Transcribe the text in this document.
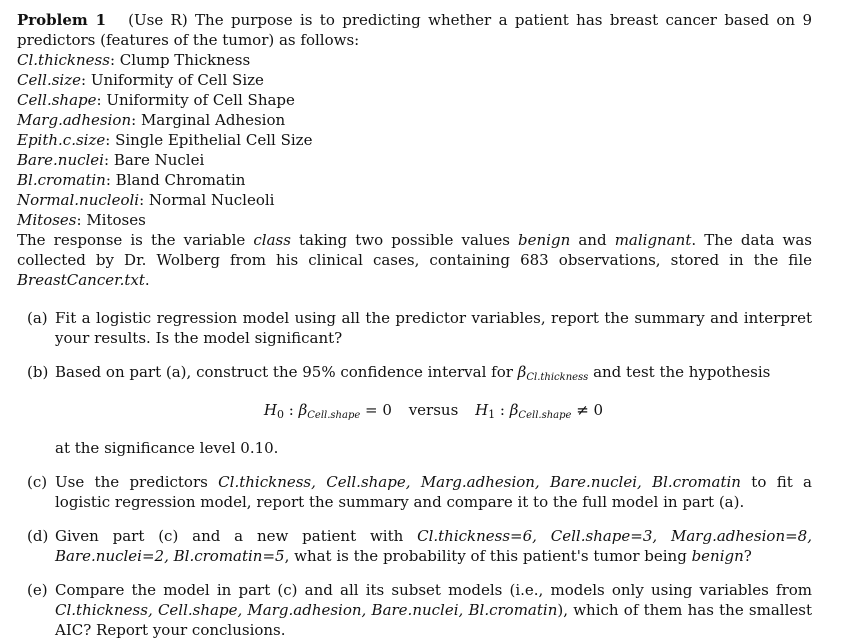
Problem 1 (Use R) The purpose is to predicting whether a patient has breast cancer based on 9 predictors (features of the tumor) as follows:
Cl.thickness: Clump Thickness
Cell.size: Uniformity of Cell Size
Cell.shape: Uniformity of Cell Shape
Marg.adhesion: Marginal Adhesion
Epith.c.size: Single Epithelial Cell Size
Bare.nuclei: Bare Nuclei
Bl.cromatin: Bland Chromatin
Normal.nucleoli: Normal Nucleoli
Mitoses: Mitoses
The response is the variable class taking two possible values benign and malignant. The data was collected by Dr. Wolberg from his clinical cases, containing 683 observations, stored in the file BreastCancer.txt.
(a) Fit a logistic regression model using all the predictor variables, report the summary and interpret your results. Is the model significant?
(b) Based on part (a), construct the 95% confidence interval for $\beta_{Cl.thickness}$ and test the hypothesis
$H_0$ : $\beta_{Cell.shape} = 0$ versus $H_1$ : $\beta_{Cell.shape} \ne 0$
at the significance level 0.10.
(c) Use the predictors Cl.thickness, Cell.shape, Marg.adhesion, Bare.nuclei, Bl.cromatin to fit a logistic regression model, report the summary and compare it to the full model in part (a).
(d) Given part (c) and a new patient with Cl.thickness=6, Cell.shape=3, Marg.adhesion=8, Bare.nuclei=2, Bl.cromatin=5, what is the probability of this patient's tumor being benign?
(e) Compare the model in part (c) and all its subset models (i.e., models only using variables from Cl.thickness, Cell.shape, Marg.adhesion, Bare.nuclei, Bl.cromatin), which of them has the smallest AIC? Report your conclusions.
